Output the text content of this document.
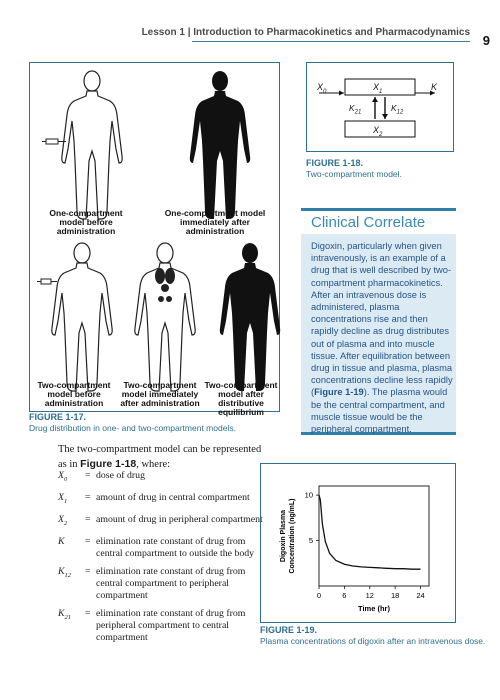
Lesson 1 | Introduction to Pharmacokinetics and Pharmacodynamics
9
One-compartment model before administration
One-compartment model immediately after administration
Two-compartment model before administration
Two-compartment model immediately after administration
Two-compartment model after distributive equilibrium
FIGURE 1-17.
Drug distribution in one- and two-compartment models.
$X_0$	$X_1$
$X_2$
K
$K_{21}$	$K_{12}$
FIGURE 1-18.
Two-compartment model.
Clinical Correlate
Digoxin, particularly when given intravenously, is an example of a drug that is well described by two-compartment pharmacokinetics. After an intravenous dose is administered, plasma concentrations rise and then rapidly decline as drug distributes out of plasma and into muscle tissue. After equilibration between drug in tissue and plasma, plasma concentrations decline less rapidly (Figure 1-19). The plasma would be the central compartment, and muscle tissue would be the peripheral compartment.
The two-compartment model can be represented as in Figure 1-18, where:
$X_0$	= dose of drug
$X_1$	= amount of drug in central compartment
$X_2$	= amount of drug in peripheral compartment
K	= elimination rate constant of drug from central compartment to outside the body
$K_{12}$	= elimination rate constant of drug from central compartment to peripheral compartment
$K_{21}$	= elimination rate constant of drug from peripheral compartment to central compartment
0	6	12 18 24
5
10
Time (hr)
Digoxin Plasma Concentration (ng/mL)
FIGURE 1-19.
Plasma concentrations of digoxin after an intravenous dose.
